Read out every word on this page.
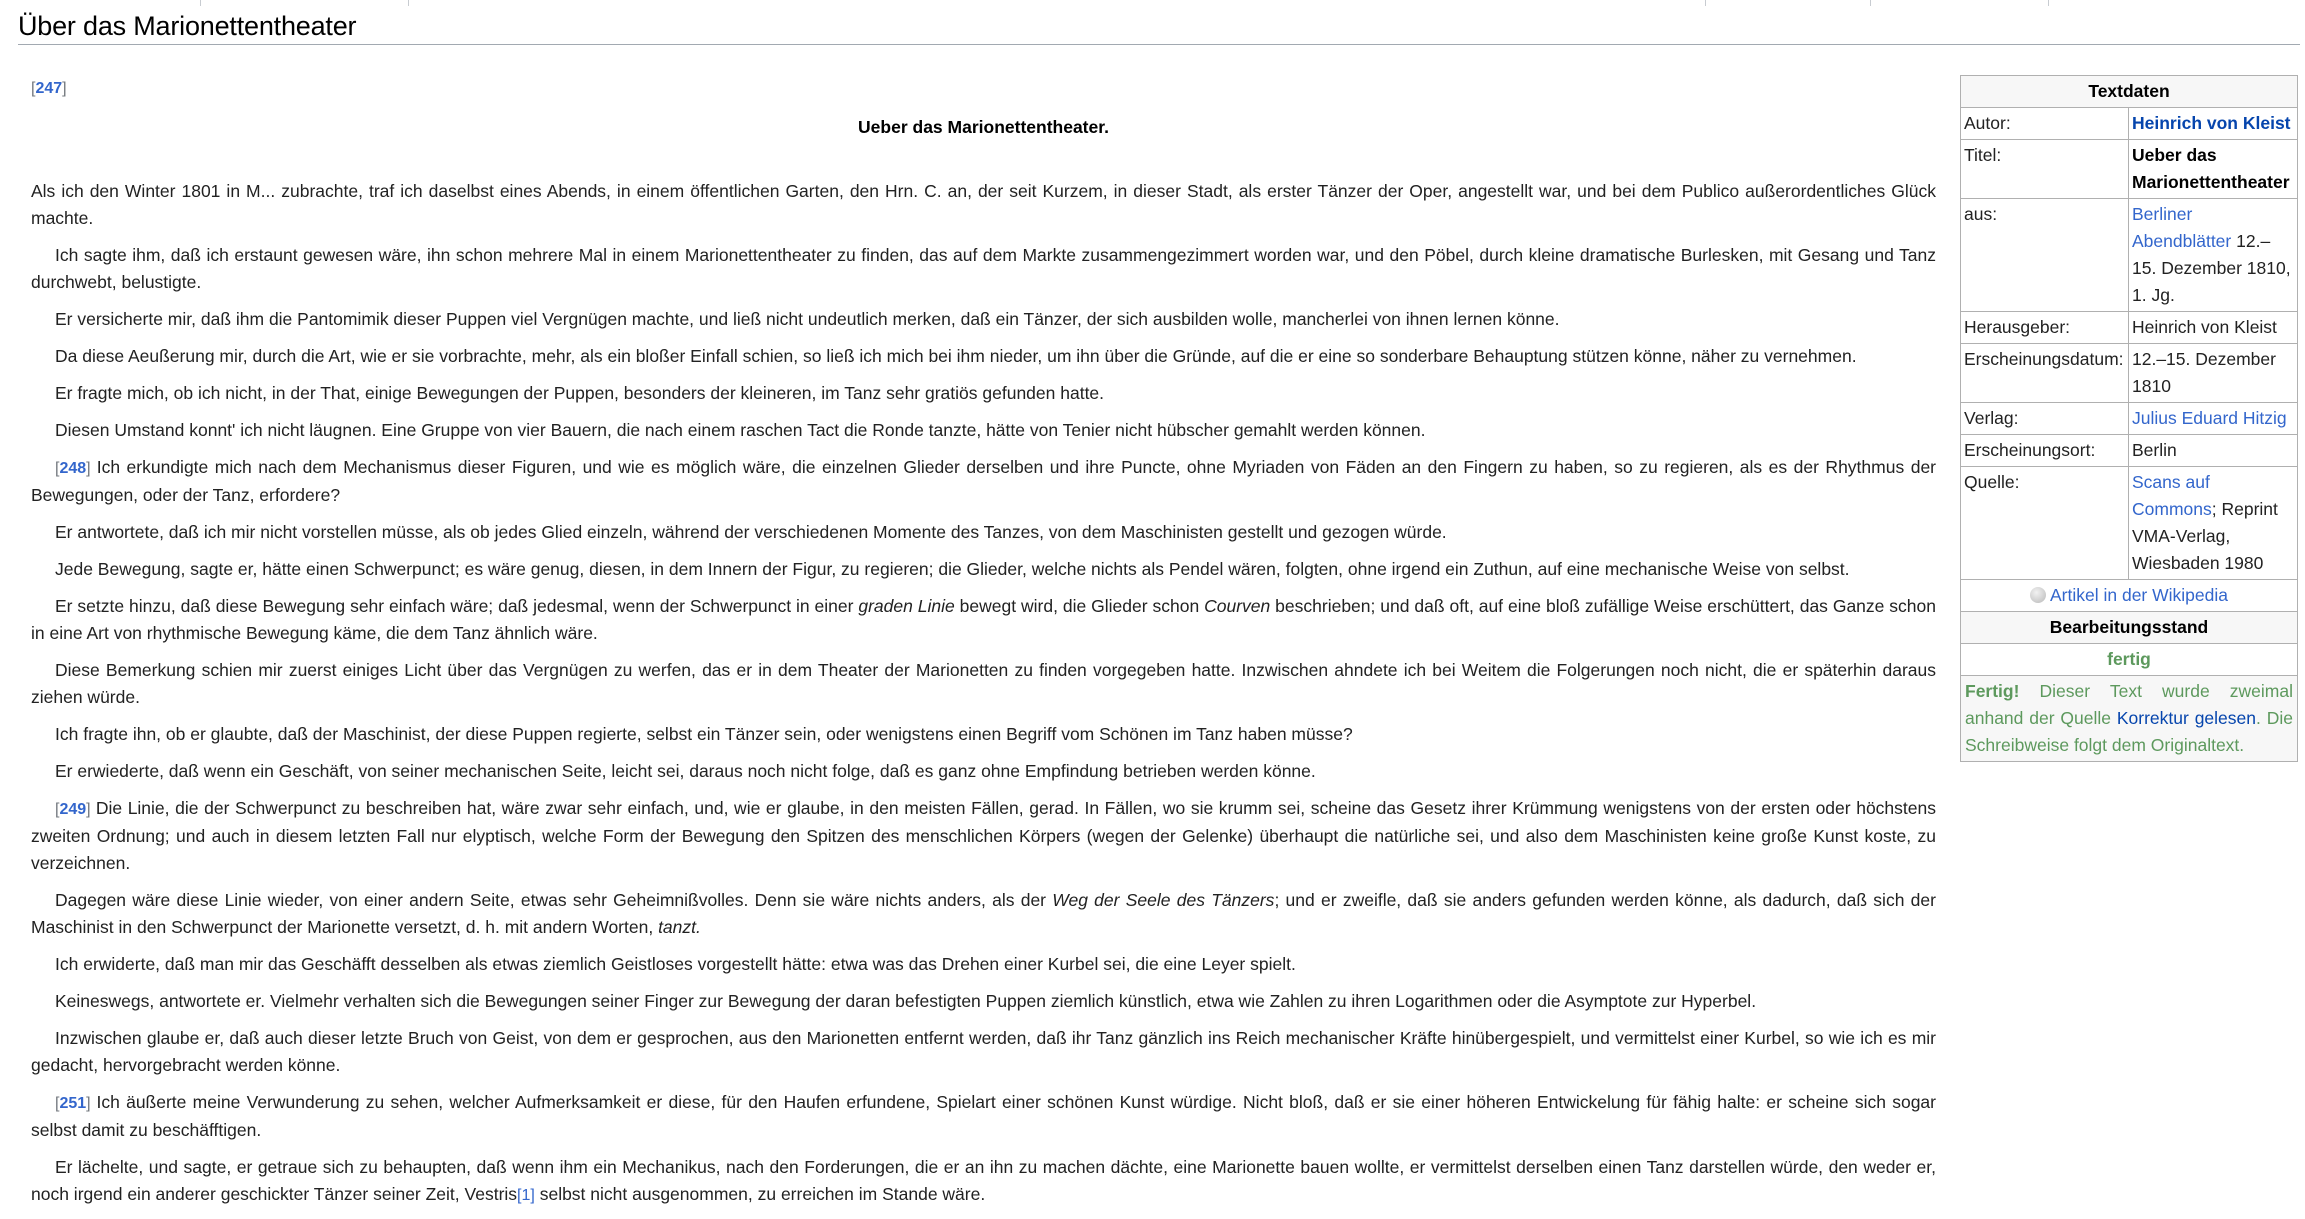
Über das Marionettentheater
[247]
Ueber das Marionettentheater.

Als ich den Winter 1801 in M... zubrachte, traf ich daselbst eines Abends, in einem öffentlichen Garten, den Hrn. C. an, der seit Kurzem, in dieser Stadt, als erster Tänzer der Oper, angestellt war, und bei dem Publico außerordentliches Glück machte.

Ich sagte ihm, daß ich erstaunt gewesen wäre, ihn schon mehrere Mal in einem Marionettentheater zu finden, das auf dem Markte zusammengezimmert worden war, und den Pöbel, durch kleine dramatische Burlesken, mit Gesang und Tanz durchwebt, belustigte.

Er versicherte mir, daß ihm die Pantomimik dieser Puppen viel Vergnügen machte, und ließ nicht undeutlich merken, daß ein Tänzer, der sich ausbilden wolle, mancherlei von ihnen lernen könne.

Da diese Aeußerung mir, durch die Art, wie er sie vorbrachte, mehr, als ein bloßer Einfall schien, so ließ ich mich bei ihm nieder, um ihn über die Gründe, auf die er eine so sonderbare Behauptung stützen könne, näher zu vernehmen.

Er fragte mich, ob ich nicht, in der That, einige Bewegungen der Puppen, besonders der kleineren, im Tanz sehr gratiös gefunden hatte.

Diesen Umstand konnt' ich nicht läugnen. Eine Gruppe von vier Bauern, die nach einem raschen Tact die Ronde tanzte, hätte von Tenier nicht hübscher gemahlt werden können.

[248] Ich erkundigte mich nach dem Mechanismus dieser Figuren, und wie es möglich wäre, die einzelnen Glieder derselben und ihre Puncte, ohne Myriaden von Fäden an den Fingern zu haben, so zu regieren, als es der Rhythmus der Bewegungen, oder der Tanz, erfordere?

Er antwortete, daß ich mir nicht vorstellen müsse, als ob jedes Glied einzeln, während der verschiedenen Momente des Tanzes, von dem Maschinisten gestellt und gezogen würde.

Jede Bewegung, sagte er, hätte einen Schwerpunct; es wäre genug, diesen, in dem Innern der Figur, zu regieren; die Glieder, welche nichts als Pendel wären, folgten, ohne irgend ein Zuthun, auf eine mechanische Weise von selbst.

Er setzte hinzu, daß diese Bewegung sehr einfach wäre; daß jedesmal, wenn der Schwerpunct in einer graden Linie bewegt wird, die Glieder schon Courven beschrieben; und daß oft, auf eine bloß zufällige Weise erschüttert, das Ganze schon in eine Art von rhythmische Bewegung käme, die dem Tanz ähnlich wäre.

Diese Bemerkung schien mir zuerst einiges Licht über das Vergnügen zu werfen, das er in dem Theater der Marionetten zu finden vorgegeben hatte. Inzwischen ahndete ich bei Weitem die Folgerungen noch nicht, die er späterhin daraus ziehen würde.

Ich fragte ihn, ob er glaubte, daß der Maschinist, der diese Puppen regierte, selbst ein Tänzer sein, oder wenigstens einen Begriff vom Schönen im Tanz haben müsse?

Er erwiederte, daß wenn ein Geschäft, von seiner mechanischen Seite, leicht sei, daraus noch nicht folge, daß es ganz ohne Empfindung betrieben werden könne.

[249] Die Linie, die der Schwerpunct zu beschreiben hat, wäre zwar sehr einfach, und, wie er glaube, in den meisten Fällen, gerad. In Fällen, wo sie krumm sei, scheine das Gesetz ihrer Krümmung wenigstens von der ersten oder höchstens zweiten Ordnung; und auch in diesem letzten Fall nur elyptisch, welche Form der Bewegung den Spitzen des menschlichen Körpers (wegen der Gelenke) überhaupt die natürliche sei, und also dem Maschinisten keine große Kunst koste, zu verzeichnen.

Dagegen wäre diese Linie wieder, von einer andern Seite, etwas sehr Geheimnißvolles. Denn sie wäre nichts anders, als der Weg der Seele des Tänzers; und er zweifle, daß sie anders gefunden werden könne, als dadurch, daß sich der Maschinist in den Schwerpunct der Marionette versetzt, d. h. mit andern Worten, tanzt.

Ich erwiderte, daß man mir das Geschäfft desselben als etwas ziemlich Geistloses vorgestellt hätte: etwa was das Drehen einer Kurbel sei, die eine Leyer spielt.

Keineswegs, antwortete er. Vielmehr verhalten sich die Bewegungen seiner Finger zur Bewegung der daran befestigten Puppen ziemlich künstlich, etwa wie Zahlen zu ihren Logarithmen oder die Asymptote zur Hyperbel.

Inzwischen glaube er, daß auch dieser letzte Bruch von Geist, von dem er gesprochen, aus den Marionetten entfernt werden, daß ihr Tanz gänzlich ins Reich mechanischer Kräfte hinübergespielt, und vermittelst einer Kurbel, so wie ich es mir gedacht, hervorgebracht werden könne.

[251] Ich äußerte meine Verwunderung zu sehen, welcher Aufmerksamkeit er diese, für den Haufen erfundene, Spielart einer schönen Kunst würdige. Nicht bloß, daß er sie einer höheren Entwickelung für fähig halte: er scheine sich sogar selbst damit zu beschäfftigen.

Er lächelte, und sagte, er getraue sich zu behaupten, daß wenn ihm ein Mechanikus, nach den Forderungen, die er an ihn zu machen dächte, eine Marionette bauen wollte, er vermittelst derselben einen Tanz darstellen würde, den weder er, noch irgend ein anderer geschickter Tänzer seiner Zeit, Vestris[1] selbst nicht ausgenommen, zu erreichen im Stande wäre.

Textdaten	
Autor:	Heinrich von Kleist
Titel:	Ueber das Marionettentheater
aus:	Berliner Abendblätter 12.–15. Dezember 1810, 1. Jg.
Herausgeber:	Heinrich von Kleist
Erscheinungsdatum:	12.–15. Dezember 1810
Verlag:	Julius Eduard Hitzig
Erscheinungsort:	Berlin
Quelle:	Scans auf Commons; Reprint VMA-Verlag, Wiesbaden 1980
Artikel in der Wikipedia	
Bearbeitungsstand	
fertig	
Fertig! Dieser Text wurde zweimal anhand der Quelle Korrektur gelesen. Die Schreibweise folgt dem Originaltext.	
